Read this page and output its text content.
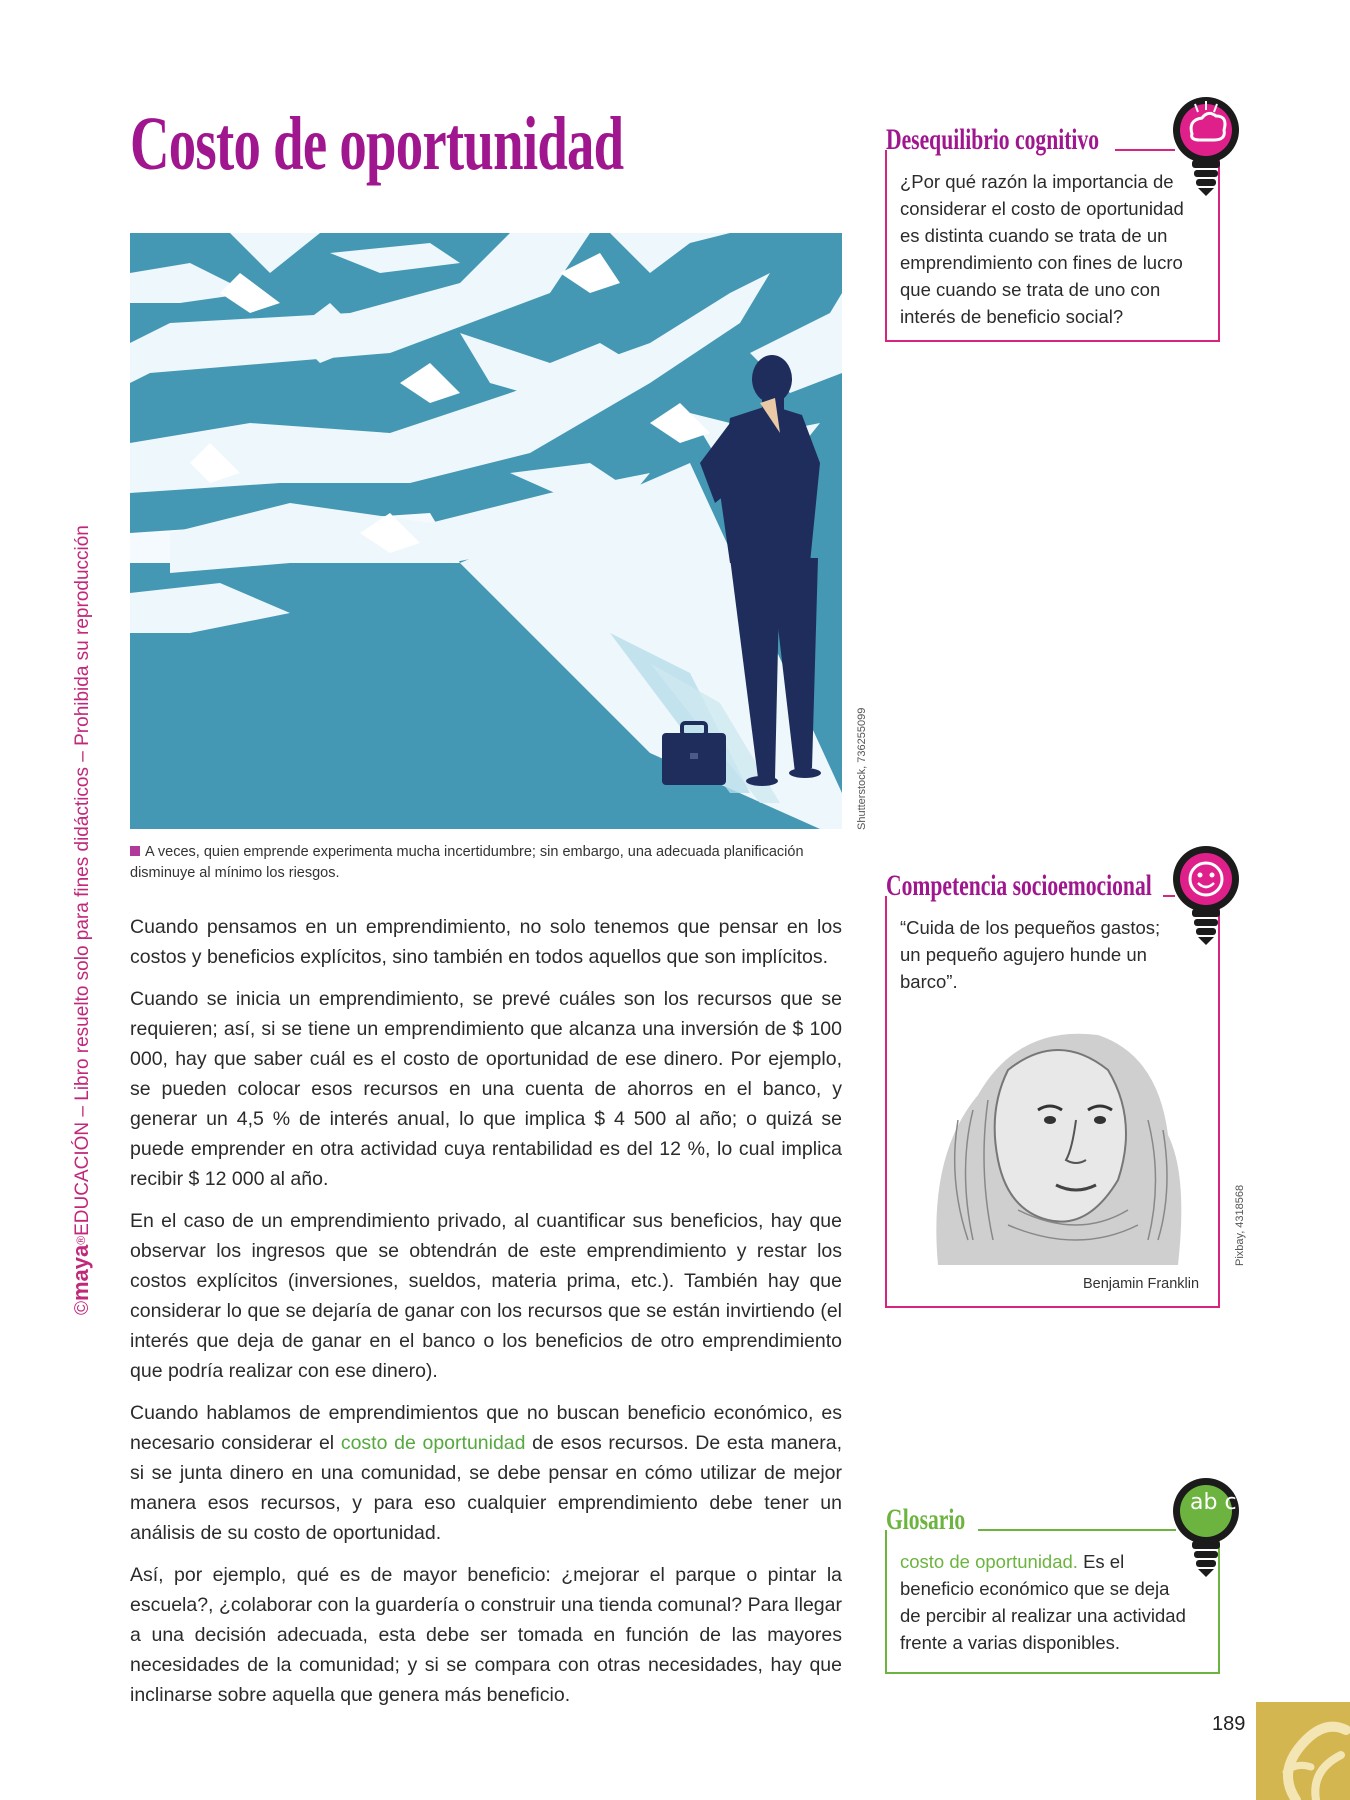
Costo de oportunidad
©maya®EDUCACIÓN – Libro resuelto solo para fines didácticos – Prohibida su reproducción	Shutterstock, 736255099
A veces, quien emprende experimenta mucha incertidumbre; sin embargo, una adecuada planificación disminuye al mínimo los riesgos.

Cuando pensamos en un emprendimiento, no solo tenemos que pensar en los costos y beneficios explícitos, sino también en todos aquellos que son implícitos.

Cuando se inicia un emprendimiento, se prevé cuáles son los recursos que se requieren; así, si se tiene un emprendimiento que alcanza una inversión de $ 100 000, hay que saber cuál es el costo de oportunidad de ese dinero. Por ejemplo, se pueden colocar esos recursos en una cuenta de ahorros en el banco, y generar un 4,5 % de interés anual, lo que implica $ 4 500 al año; o quizá se puede emprender en otra actividad cuya rentabilidad es del 12 %, lo cual implica recibir $ 12 000 al año.

En el caso de un emprendimiento privado, al cuantificar sus beneficios, hay que observar los ingresos que se obtendrán de este emprendimiento y restar los costos explícitos (inversiones, sueldos, materia prima, etc.). También hay que considerar lo que se dejaría de ganar con los recursos que se están invirtiendo (el interés que deja de ganar en el banco o los beneficios de otro emprendimiento que podría realizar con ese dinero).

Cuando hablamos de emprendimientos que no buscan beneficio económico, es necesario considerar el costo de oportunidad de esos recursos. De esta manera, si se junta dinero en una comunidad, se debe pensar en cómo utilizar de mejor manera esos recursos, y para eso cualquier emprendimiento debe tener un análisis de su costo de oportunidad.

Así, por ejemplo, qué es de mayor beneficio: ¿mejorar el parque o pintar la escuela?, ¿colaborar con la guardería o construir una tienda comunal? Para llegar a una decisión adecuada, esta debe ser tomada en función de las mayores necesidades de la comunidad; y si se compara con otras necesidades, hay que inclinarse sobre aquella que genera más beneficio.

Desequilibrio cognitivo
¿Por qué razón la importancia de considerar el costo de oportunidad es distinta cuando se trata de un emprendimiento con fines de lucro que cuando se trata de uno con interés de beneficio social?
Competencia socioemocional
“Cuida de los pequeños gastos; un pequeño agujero hunde un barco”.
Benjamin Franklin
Pixbay, 4318568
Glosario
costo de oportunidad. Es el beneficio económico que se deja de percibir al realizar una actividad frente a varias disponibles.
ab c
189
